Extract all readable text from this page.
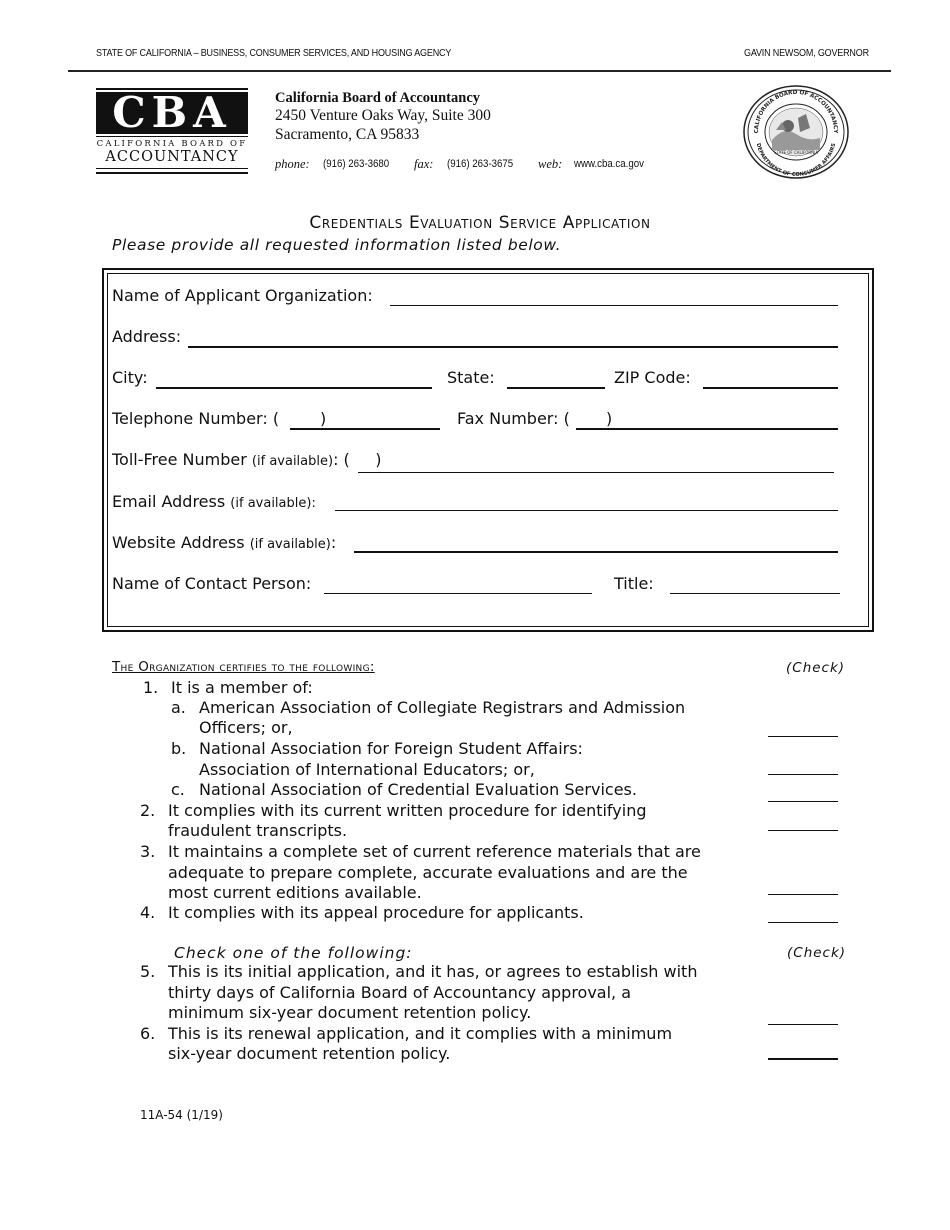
STATE OF CALIFORNIA – BUSINESS, CONSUMER SERVICES, AND HOUSING AGENCY	GAVIN NEWSOM, GOVERNOR
CBA
CALIFORNIA BOARD OF
ACCOUNTANCY
California Board of Accountancy
2450 Venture Oaks Way, Suite 300
Sacramento, CA 95833
phone: (916) 263-3680 fax: (916) 263-3675 web: www.cba.ca.gov
CALIFORNIA BOARD OF ACCOUNTANCY
DEPARTMENT OF CONSUMER AFFAIRS
STATE OF CALIFORNIA
Credentials Evaluation Service Application
Please provide all requested information listed below.
Name of Applicant Organization:
Address:
City:	State:	ZIP Code:
Telephone Number: (	)	Fax Number: ( )
Toll-Free Number (if available): (     )
Email Address (if available):
Website Address (if available):
Name of Contact Person:	Title:
The Organization certifies to the following:	(Check)
1. It is a member of:
a. American Association of Collegiate Registrars and Admission
Officers; or,
b. National Association for Foreign Student Affairs:
Association of International Educators; or,
c. National Association of Credential Evaluation Services.
2. It complies with its current written procedure for identifying
fraudulent transcripts.
3. It maintains a complete set of current reference materials that are
adequate to prepare complete, accurate evaluations and are the
most current editions available.
4. It complies with its appeal procedure for applicants.
Check one of the following:	(Check)
5. This is its initial application, and it has, or agrees to establish with
thirty days of California Board of Accountancy approval, a
minimum six-year document retention policy.
6. This is its renewal application, and it complies with a minimum
six-year document retention policy.
11A-54 (1/19)
